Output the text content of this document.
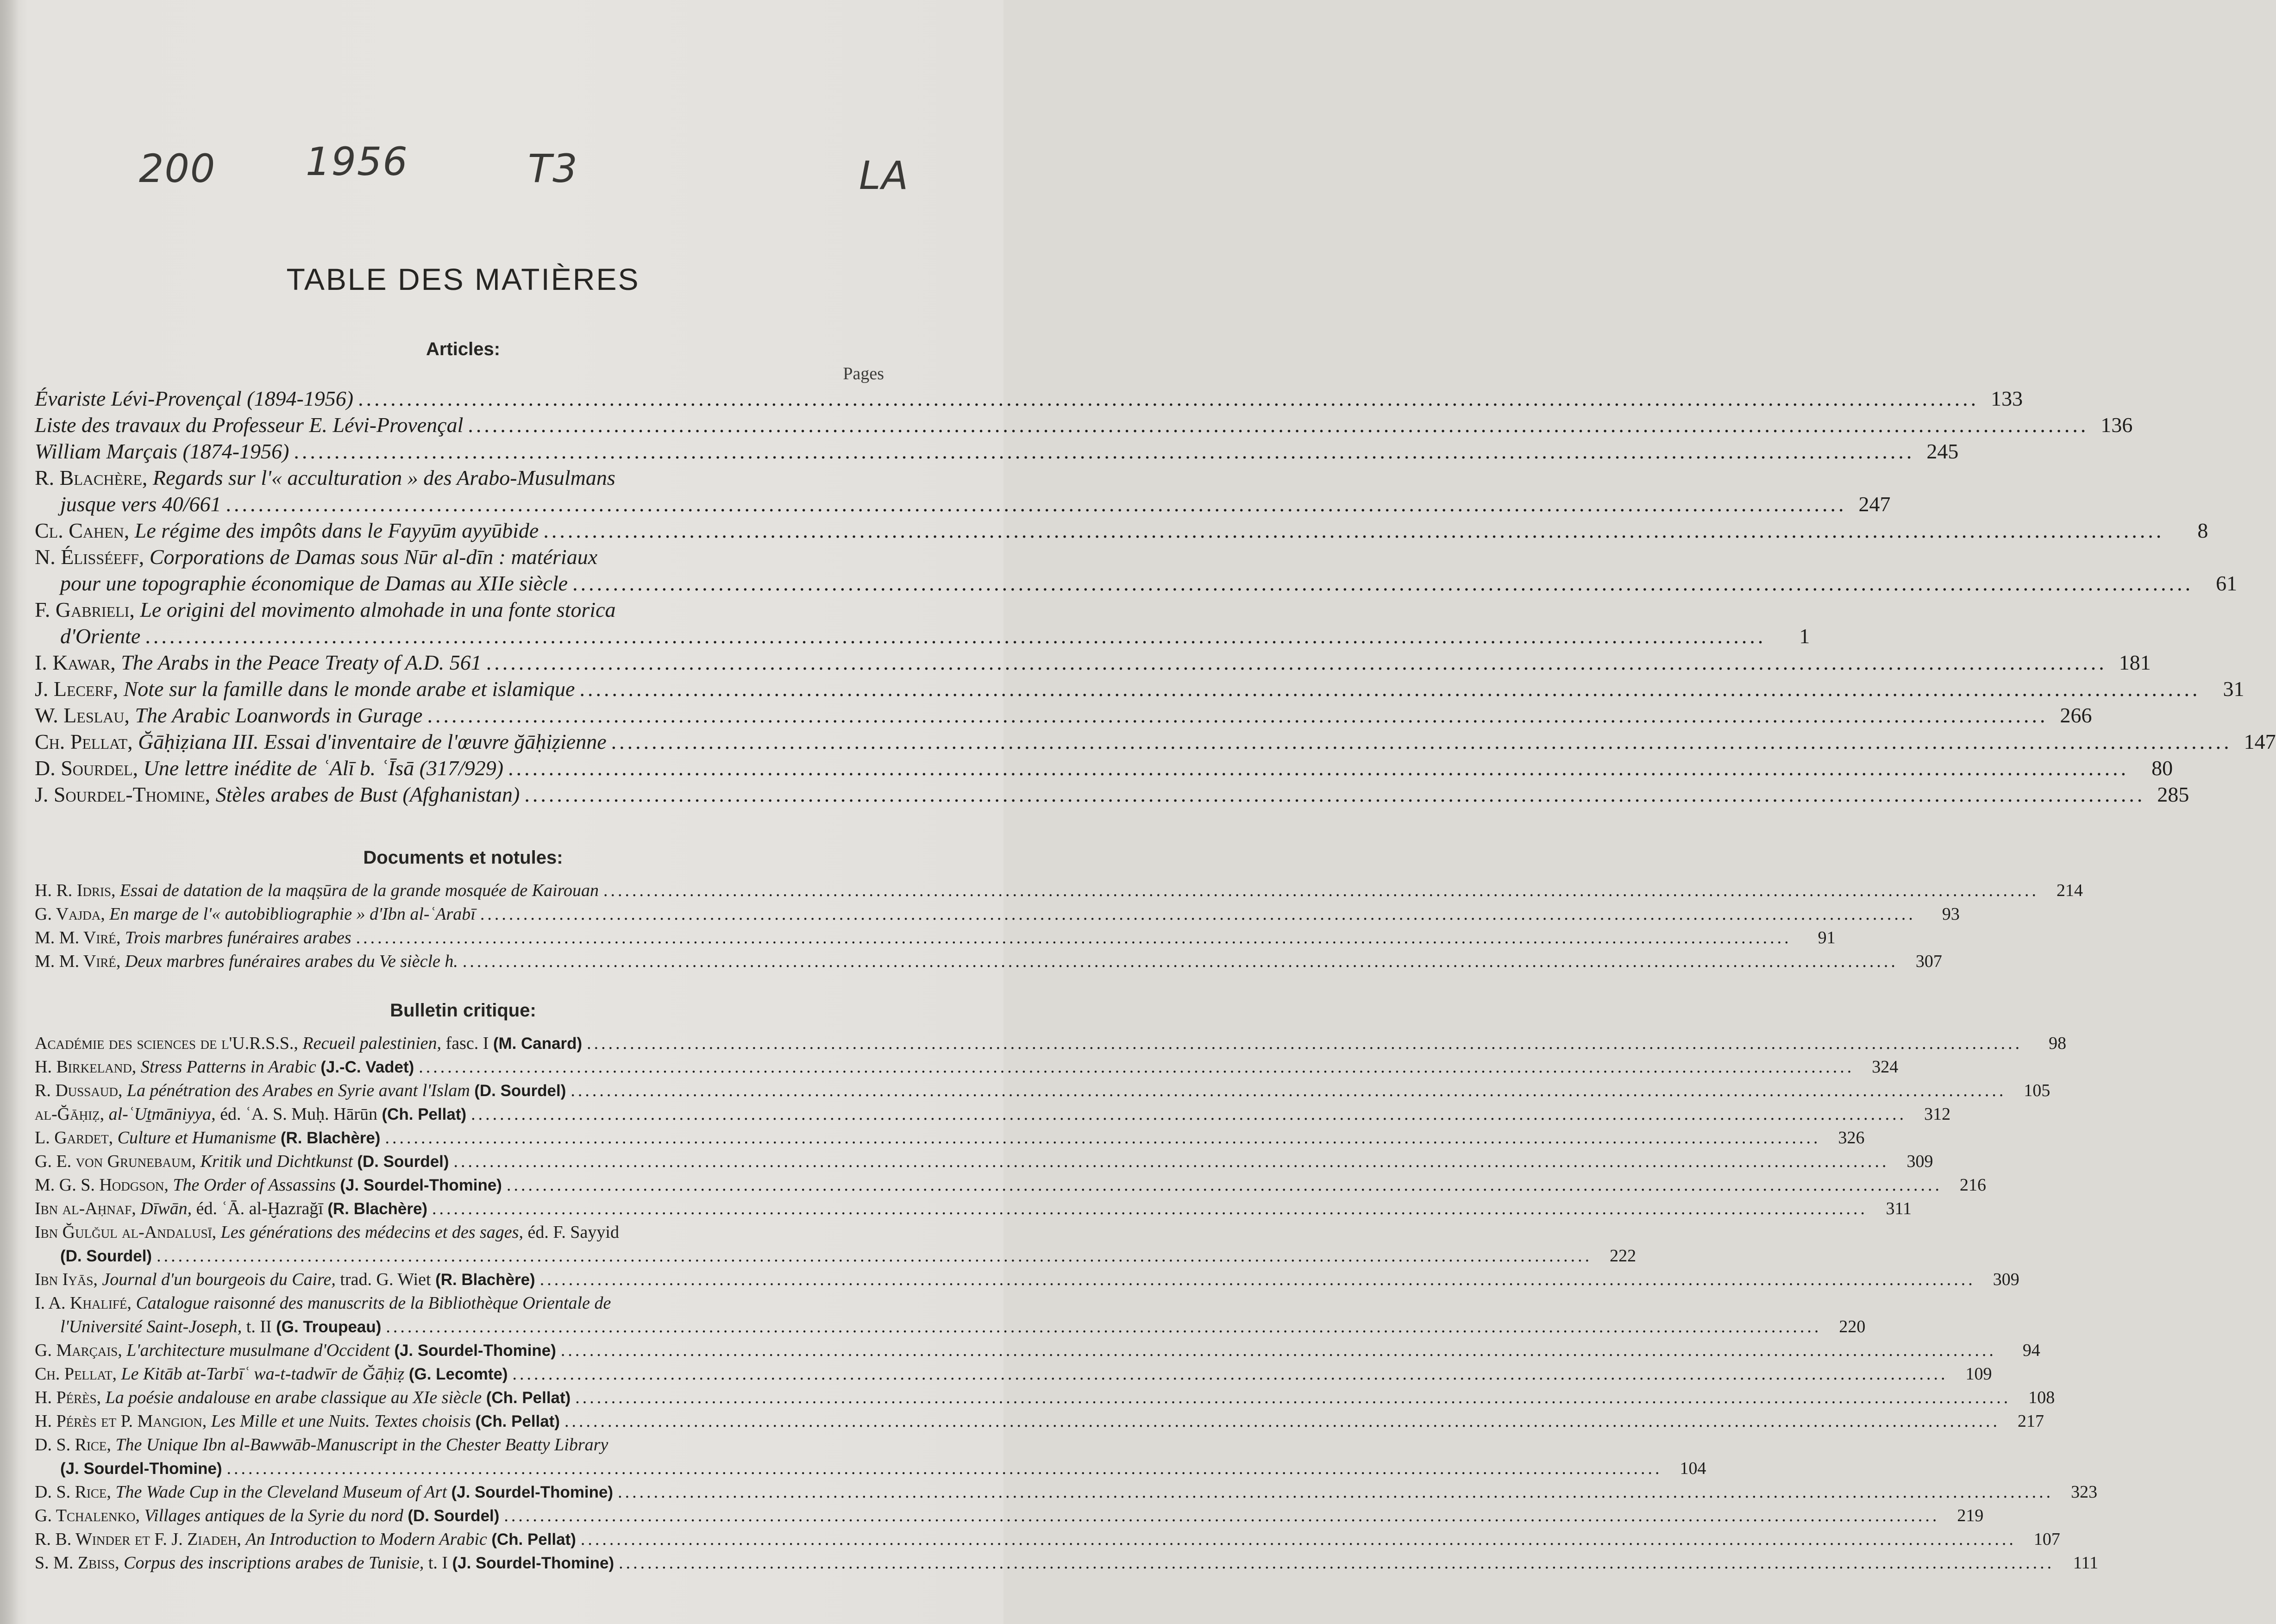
200 1956	T3	LA
TABLE DES MATIÈRES
Articles:
Pages
Évariste Lévi-Provençal (1894-1956) ........................................................................................................................................................................................................ 133
Liste des travaux du Professeur E. Lévi-Provençal ........................................................................................................................................................................................................ 136
William Marçais (1874-1956) ........................................................................................................................................................................................................ 245
R. Blachère, Regards sur l'« acculturation » des Arabo-Musulmans
jusque vers 40/661 ........................................................................................................................................................................................................ 247
Cl. Cahen, Le régime des impôts dans le Fayyūm ayyūbide ........................................................................................................................................................................................................	8
N. Élisséeff, Corporations de Damas sous Nūr al-dīn : matériaux
pour une topographie économique de Damas au XIIe siècle ........................................................................................................................................................................................................	61
F. Gabrieli, Le origini del movimento almohade in una fonte storica
d'Oriente ........................................................................................................................................................................................................	1
I. Kawar, The Arabs in the Peace Treaty of A.D. 561 ........................................................................................................................................................................................................ 181
J. Lecerf, Note sur la famille dans le monde arabe et islamique ........................................................................................................................................................................................................	31
W. Leslau, The Arabic Loanwords in Gurage ........................................................................................................................................................................................................ 266
Ch. Pellat, Ğāḥiẓiana III. Essai d'inventaire de l'œuvre ğāḥiẓienne ........................................................................................................................................................................................................ 147
D. Sourdel, Une lettre inédite de ʿAlī b. ʿĪsā (317/929) ........................................................................................................................................................................................................	80
J. Sourdel-Thomine, Stèles arabes de Bust (Afghanistan) ........................................................................................................................................................................................................ 285
Documents et notules:
H. R. Idris, Essai de datation de la maqṣūra de la grande mosquée de Kairouan ........................................................................................................................................................................................................	214
G. Vajda, En marge de l'« autobibliographie » d'Ibn al-ʿArabī ........................................................................................................................................................................................................	93
M. M. Viré, Trois marbres funéraires arabes ........................................................................................................................................................................................................	91
M. M. Viré, Deux marbres funéraires arabes du Ve siècle h. ........................................................................................................................................................................................................	307
Bulletin critique:
Académie des sciences de l'U.R.S.S., Recueil palestinien, fasc. I (M. Canard) ........................................................................................................................................................................................................	98
H. Birkeland, Stress Patterns in Arabic (J.-C. Vadet) ........................................................................................................................................................................................................	324
R. Dussaud, La pénétration des Arabes en Syrie avant l'Islam (D. Sourdel) ........................................................................................................................................................................................................	105
al-Ğāḥiẓ, al-ʿUṯmāniyya, éd. ʿA. S. Muḥ. Hārūn (Ch. Pellat) ........................................................................................................................................................................................................	312
L. Gardet, Culture et Humanisme (R. Blachère) ........................................................................................................................................................................................................	326
G. E. von Grunebaum, Kritik und Dichtkunst (D. Sourdel) ........................................................................................................................................................................................................	309
M. G. S. Hodgson, The Order of Assassins (J. Sourdel-Thomine) ........................................................................................................................................................................................................	216
Ibn al-Aḥnaf, Dīwān, éd. ʿĀ. al-Ḫazrağī (R. Blachère) ........................................................................................................................................................................................................	311
Ibn Ğulğul al-Andalusī, Les générations des médecins et des sages, éd. F. Sayyid
(D. Sourdel) ........................................................................................................................................................................................................	222
Ibn Iyās, Journal d'un bourgeois du Caire, trad. G. Wiet (R. Blachère) ........................................................................................................................................................................................................	309
I. A. Khalifé, Catalogue raisonné des manuscrits de la Bibliothèque Orientale de
l'Université Saint-Joseph, t. II (G. Troupeau) ........................................................................................................................................................................................................	220
G. Marçais, L'architecture musulmane d'Occident (J. Sourdel-Thomine) ........................................................................................................................................................................................................	94
Ch. Pellat, Le Kitāb at-Tarbīʿ wa-t-tadwīr de Ğāḥiẓ (G. Lecomte) ........................................................................................................................................................................................................	109
H. Pérès, La poésie andalouse en arabe classique au XIe siècle (Ch. Pellat) ........................................................................................................................................................................................................	108
H. Pérès et P. Mangion, Les Mille et une Nuits. Textes choisis (Ch. Pellat) ........................................................................................................................................................................................................	217
D. S. Rice, The Unique Ibn al-Bawwāb-Manuscript in the Chester Beatty Library
(J. Sourdel-Thomine) ........................................................................................................................................................................................................	104
D. S. Rice, The Wade Cup in the Cleveland Museum of Art (J. Sourdel-Thomine) ........................................................................................................................................................................................................	323
G. Tchalenko, Villages antiques de la Syrie du nord (D. Sourdel) ........................................................................................................................................................................................................	219
R. B. Winder et F. J. Ziadeh, An Introduction to Modern Arabic (Ch. Pellat) ........................................................................................................................................................................................................	107
S. M. Zbiss, Corpus des inscriptions arabes de Tunisie, t. I (J. Sourdel-Thomine) ........................................................................................................................................................................................................	111
